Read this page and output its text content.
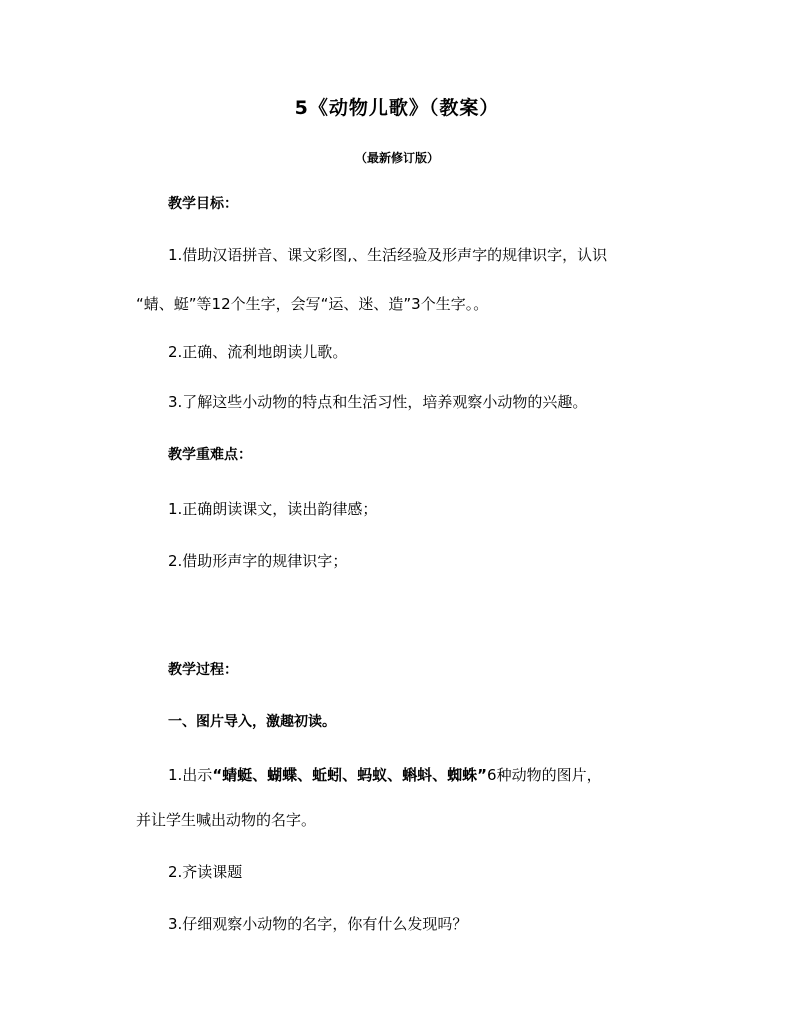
5《动物儿歌》（教案）
（最新修订版）
教学目标：
1.借助汉语拼音、课文彩图,、生活经验及形声字的规律识字，认识
“蜻、蜓”等12个生字，会写“运、迷、造”3个生字。。
2.正确、流利地朗读儿歌。
3.了解这些小动物的特点和生活习性，培养观察小动物的兴趣。
教学重难点：
1.正确朗读课文，读出韵律感；
2.借助形声字的规律识字；
教学过程：
一、图片导入，激趣初读。
1.出示“蜻蜓、蝴蝶、蚯蚓、蚂蚁、蝌蚪、蜘蛛”6种动物的图片，
并让学生喊出动物的名字。
2.齐读课题
3.仔细观察小动物的名字，你有什么发现吗？
